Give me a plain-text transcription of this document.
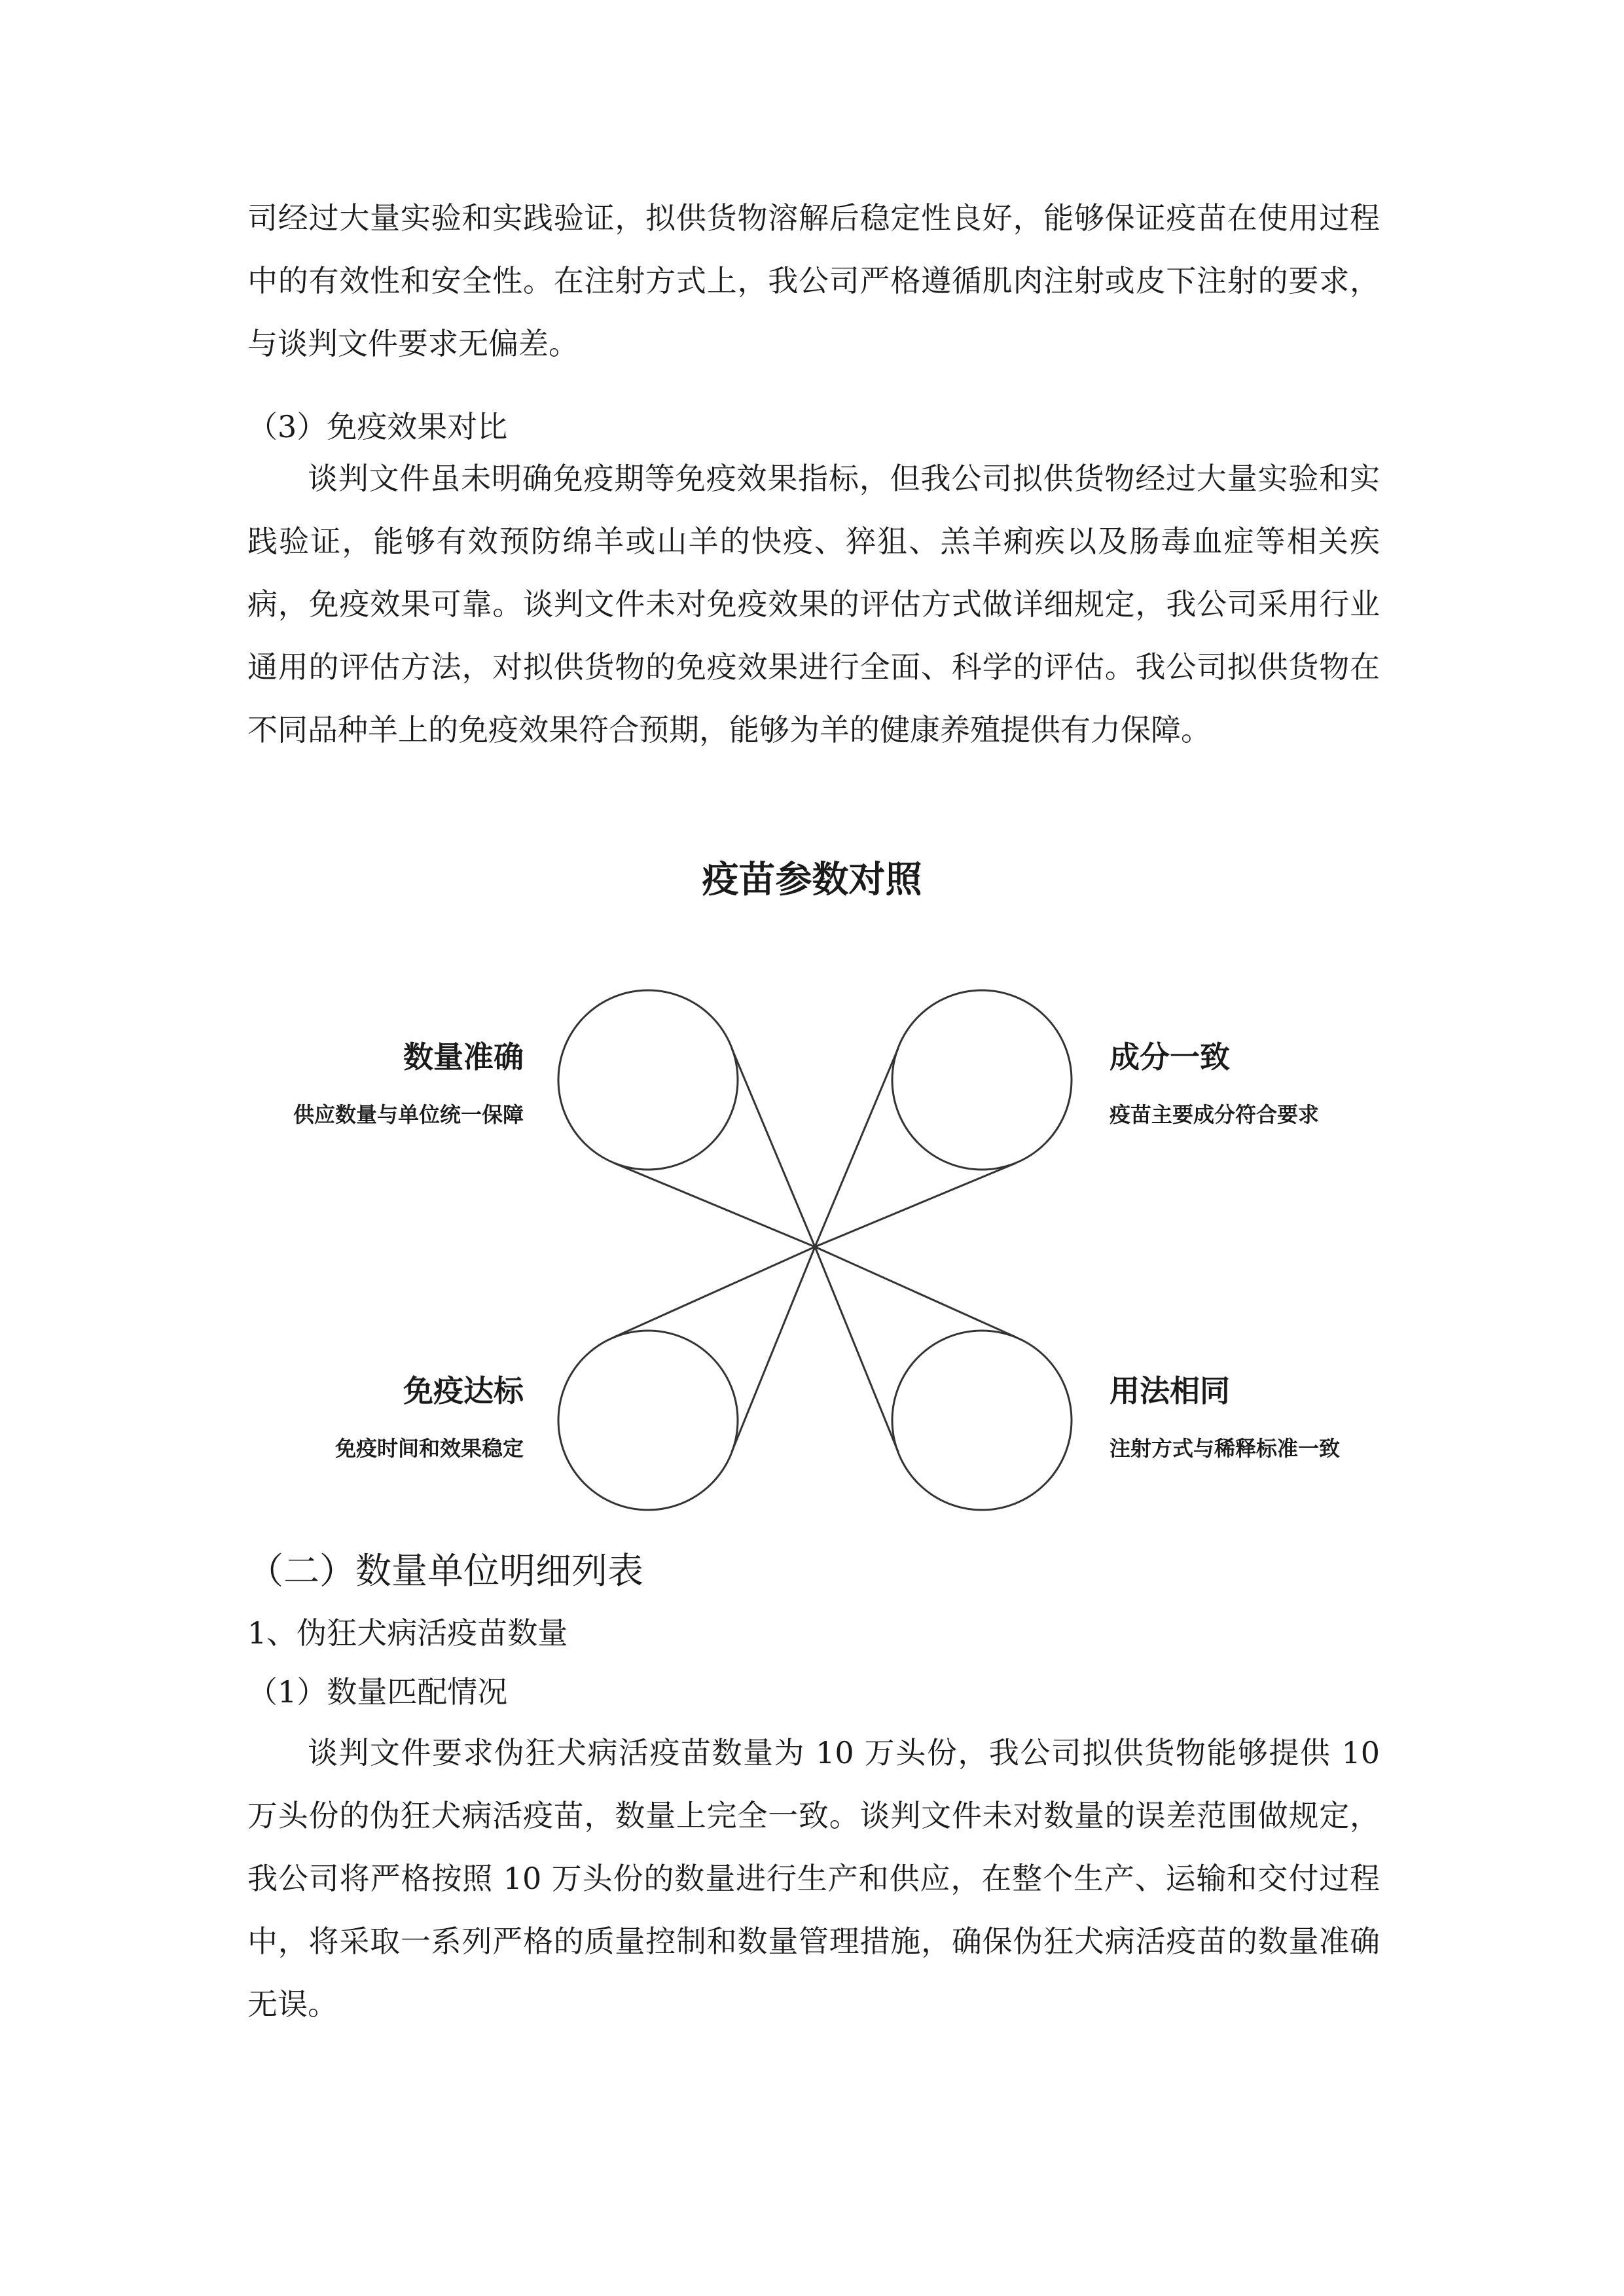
司经过大量实验和实践验证，拟供货物溶解后稳定性良好，能够保证疫苗在使用过程中的有效性和安全性。在注射方式上，我公司严格遵循肌肉注射或皮下注射的要求，与谈判文件要求无偏差。

（3）免疫效果对比

谈判文件虽未明确免疫期等免疫效果指标，但我公司拟供货物经过大量实验和实践验证，能够有效预防绵羊或山羊的快疫、猝狙、羔羊痢疾以及肠毒血症等相关疾病，免疫效果可靠。谈判文件未对免疫效果的评估方式做详细规定，我公司采用行业通用的评估方法，对拟供货物的免疫效果进行全面、科学的评估。我公司拟供货物在不同品种羊上的免疫效果符合预期，能够为羊的健康养殖提供有力保障。

疫苗参数对照

数量准确

供应数量与单位统一保障

成分一致

疫苗主要成分符合要求

免疫达标

免疫时间和效果稳定

用法相同

注射方式与稀释标准一致

（二）数量单位明细列表

1、伪狂犬病活疫苗数量

（1）数量匹配情况

谈判文件要求伪狂犬病活疫苗数量为 10 万头份，我公司拟供货物能够提供 10 万头份的伪狂犬病活疫苗，数量上完全一致。谈判文件未对数量的误差范围做规定，我公司将严格按照 10 万头份的数量进行生产和供应，在整个生产、运输和交付过程中，将采取一系列严格的质量控制和数量管理措施，确保伪狂犬病活疫苗的数量准确无误。
